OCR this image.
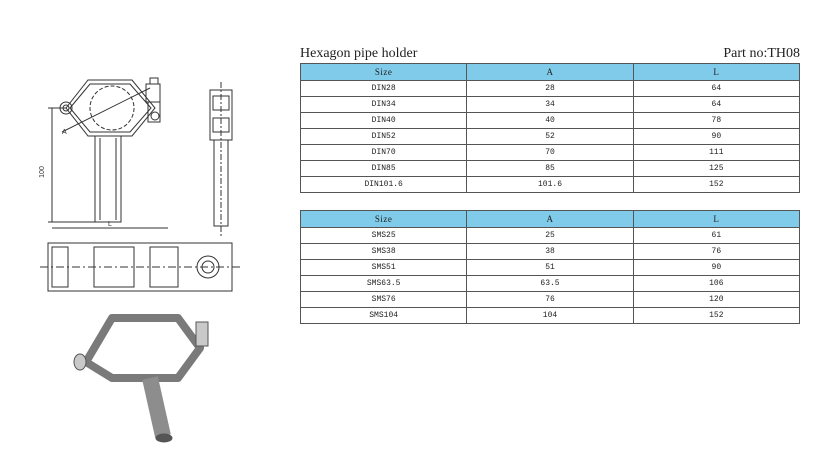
100
A
L
Hexagon pipe holder	Part no:TH08
Size	A	L
DIN28	28	64
DIN34	34	64
DIN40	40	78
DIN52	52	90
DIN70	70	111
DIN85	85	125
DIN101.6	101.6	152
Size	A	L
SMS25	25	61
SMS38	38	76
SMS51	51	90
SMS63.5	63.5	106
SMS76	76	120
SMS104	104	152
